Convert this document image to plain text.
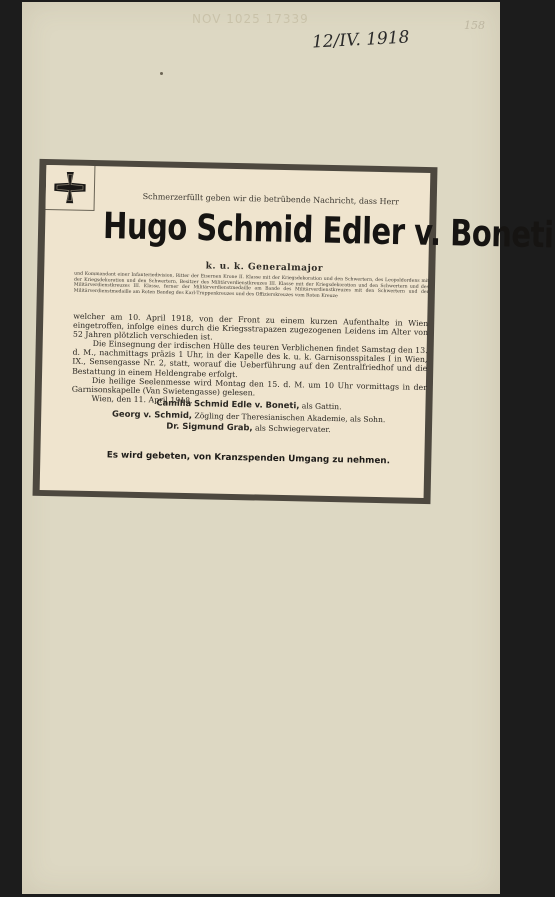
NOV 1025 17339
12/IV. 1918
158
Schmerzerfüllt geben wir die betrübende Nachricht, dass Herr
Hugo Schmid Edler v. Boneti
k. u. k. Generalmajor
und Kommandant einer Infanteriedivision, Ritter der Eisernen Krone II. Klasse mit der Kriegsdekoration und den Schwertern, des Leopoldordens mit der Kriegsdekoration und den Schwertern, Besitzer des Militärverdienstkreuzes III. Klasse mit der Kriegsdekoration und den Schwertern und des Militärverdienstkreuzes III. Klasse, ferner der Militärverdienstmedaille am Bande des Militärverdienstkreuzes mit den Schwertern und der Militärverdienstmedaille am Roten Bandeg des Karl-Truppenkreuzes und des Offizierskreuzes vom Roten Kreuze
welcher am 10. April 1918, von der Front zu einem kurzen Aufenthalte in Wien eingetroffen, infolge eines durch die Kriegsstrapazen zugezogenen Leidens im Alter von 52 Jahren plötzlich verschieden ist.
Die Einsegnung der irdischen Hülle des teuren Verblichenen findet Samstag den 13. d. M., nachmittags präzis 1 Uhr, in der Kapelle des k. u. k. Garnisonsspitales I in Wien, IX., Sensengasse Nr. 2, statt, worauf die Ueberführung auf den Zentralfriedhof und die Bestattung in einem Heldengrabe erfolgt.
Die heilige Seelenmesse wird Montag den 15. d. M. um 10 Uhr vormittags in der Garnisonskapelle (Van Swietengasse) gelesen.
Wien, den 11. April 1918.
Camilla Schmid Edle v. Boneti, als Gattin.
Georg v. Schmid, Zögling der Theresianischen Akademie, als Sohn.
Dr. Sigmund Grab, als Schwiegervater.
Es wird gebeten, von Kranzspenden Umgang zu nehmen.
